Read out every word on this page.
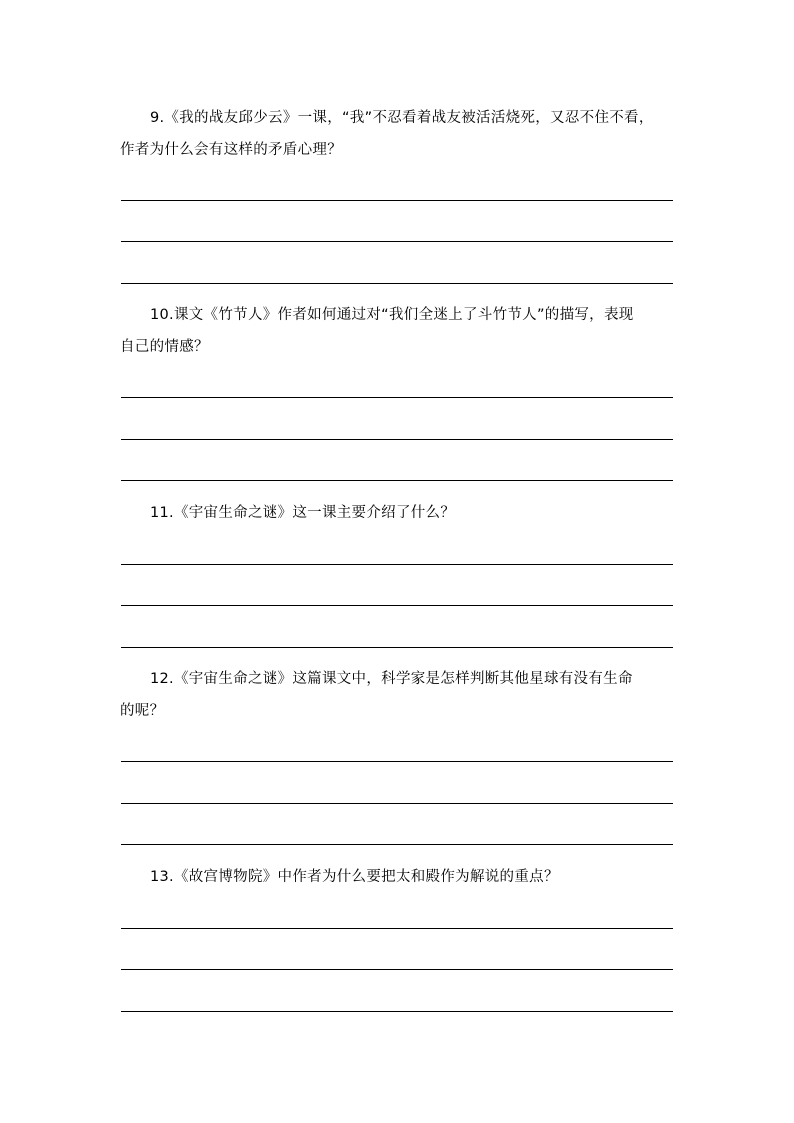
9.《我的战友邱少云》一课，“我”不忍看着战友被活活烧死，又忍不住不看，
作者为什么会有这样的矛盾心理？
10.课文《竹节人》作者如何通过对“我们全迷上了斗竹节人”的描写，表现
自己的情感？
11.《宇宙生命之谜》这一课主要介绍了什么？
12.《宇宙生命之谜》这篇课文中，科学家是怎样判断其他星球有没有生命
的呢？
13.《故宫博物院》中作者为什么要把太和殿作为解说的重点？
